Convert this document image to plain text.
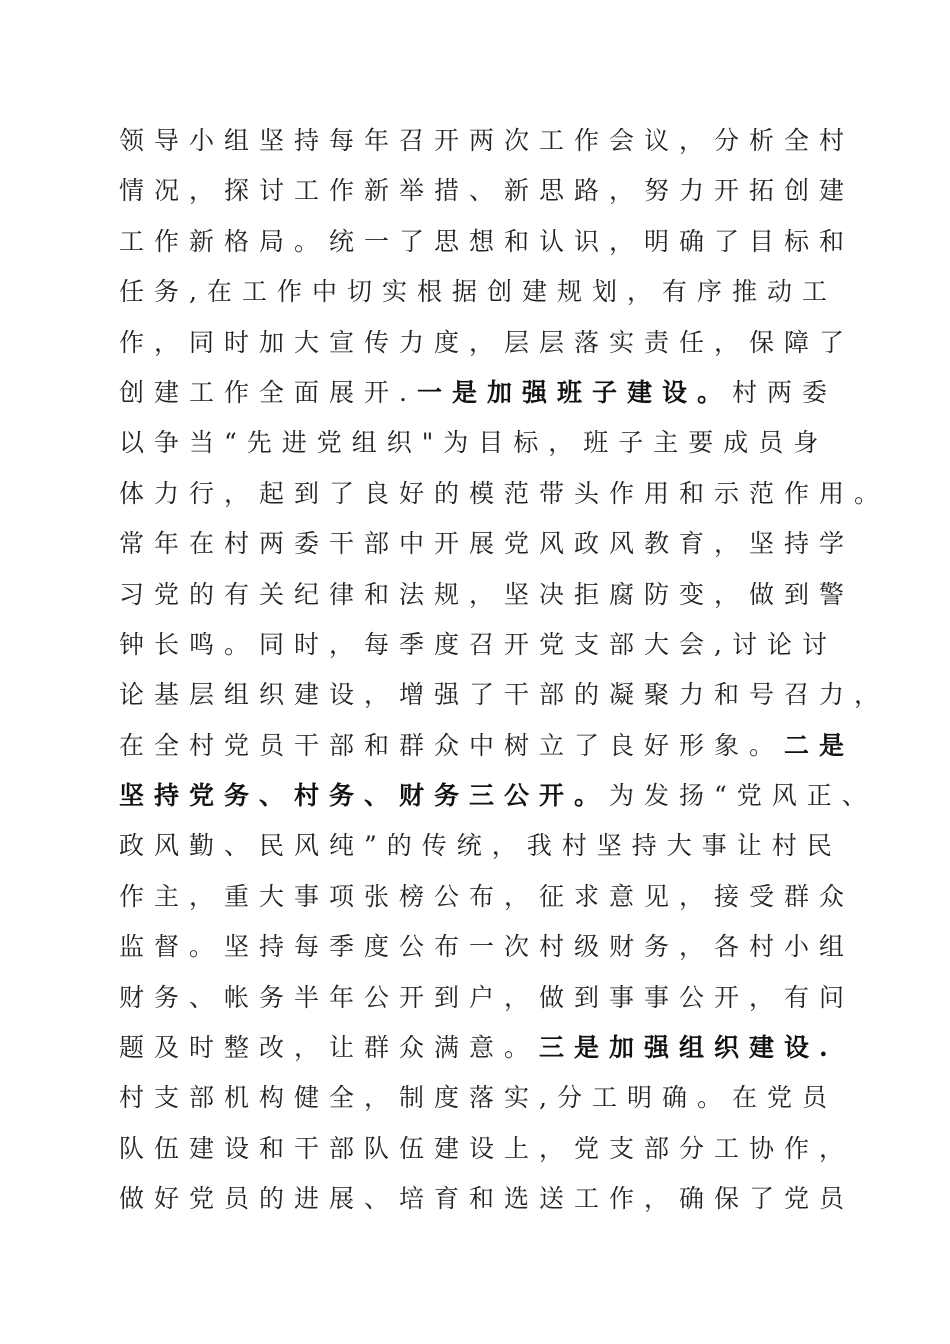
领导小组坚持每年召开两次工作会议，分析全村
情况，探讨工作新举措、新思路，努力开拓创建
工作新格局。统一了思想和认识，明确了目标和
任务,在工作中切实根据创建规划，有序推动工
作，同时加大宣传力度，层层落实责任，保障了
创建工作全面展开.一是加强班子建设。村两委
以争当“先进党组织"为目标，班子主要成员身
体力行，起到了良好的模范带头作用和示范作用。
常年在村两委干部中开展党风政风教育，坚持学
习党的有关纪律和法规，坚决拒腐防变，做到警
钟长鸣。同时，每季度召开党支部大会,讨论讨
论基层组织建设，增强了干部的凝聚力和号召力，
在全村党员干部和群众中树立了良好形象。二是
坚持党务、村务、财务三公开。为发扬“党风正、
政风勤、民风纯”的传统，我村坚持大事让村民
作主，重大事项张榜公布，征求意见，接受群众
监督。坚持每季度公布一次村级财务，各村小组
财务、帐务半年公开到户，做到事事公开，有问
题及时整改，让群众满意。三是加强组织建设.
村支部机构健全，制度落实,分工明确。在党员
队伍建设和干部队伍建设上，党支部分工协作，
做好党员的进展、培育和选送工作，确保了党员
